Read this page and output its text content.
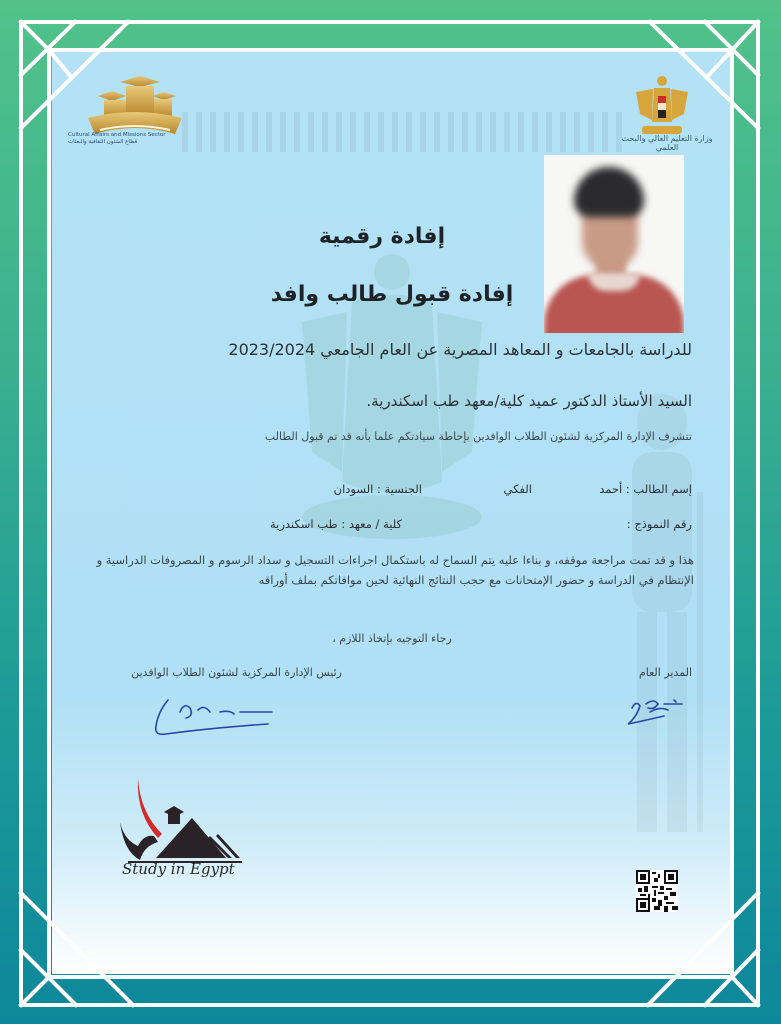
Cultural Affairs and Missions Sector
قطاع الشئون الثقافية والبعثات	وزارة التعليم العالي والبحث العلمي
إفادة رقمية
إفادة قبول طالب وافد
للدراسة بالجامعات و المعاهد المصرية عن العام الجامعي 2023/2024
السيد الأستاذ الدكتور عميد كلية/معهد طب اسكندرية.
تتشرف الإدارة المركزية لشئون الطلاب الوافدين بإحاطة سيادتكم علما بأنه قد تم قبول الطالب
إسم الطالب : أحمد
الفكي
الجنسية : السودان
رقم النموذج :
كلية / معهد : طب اسكندرية
هذا و قد تمت مراجعة موقفه، و بناءا عليه يتم السماح له باستكمال اجراءات التسجيل و سداد الرسوم و المصروفات الدراسية و الإنتظام في الدراسة و حضور الإمتحانات مع حجب النتائج النهائية لحين موافاتكم بملف أوراقه
رجاء التوجيه بإتخاذ اللازم ،
رئيس الإدارة المركزية لشئون الطلاب الوافدين	المدير العام
Study in Egypt
